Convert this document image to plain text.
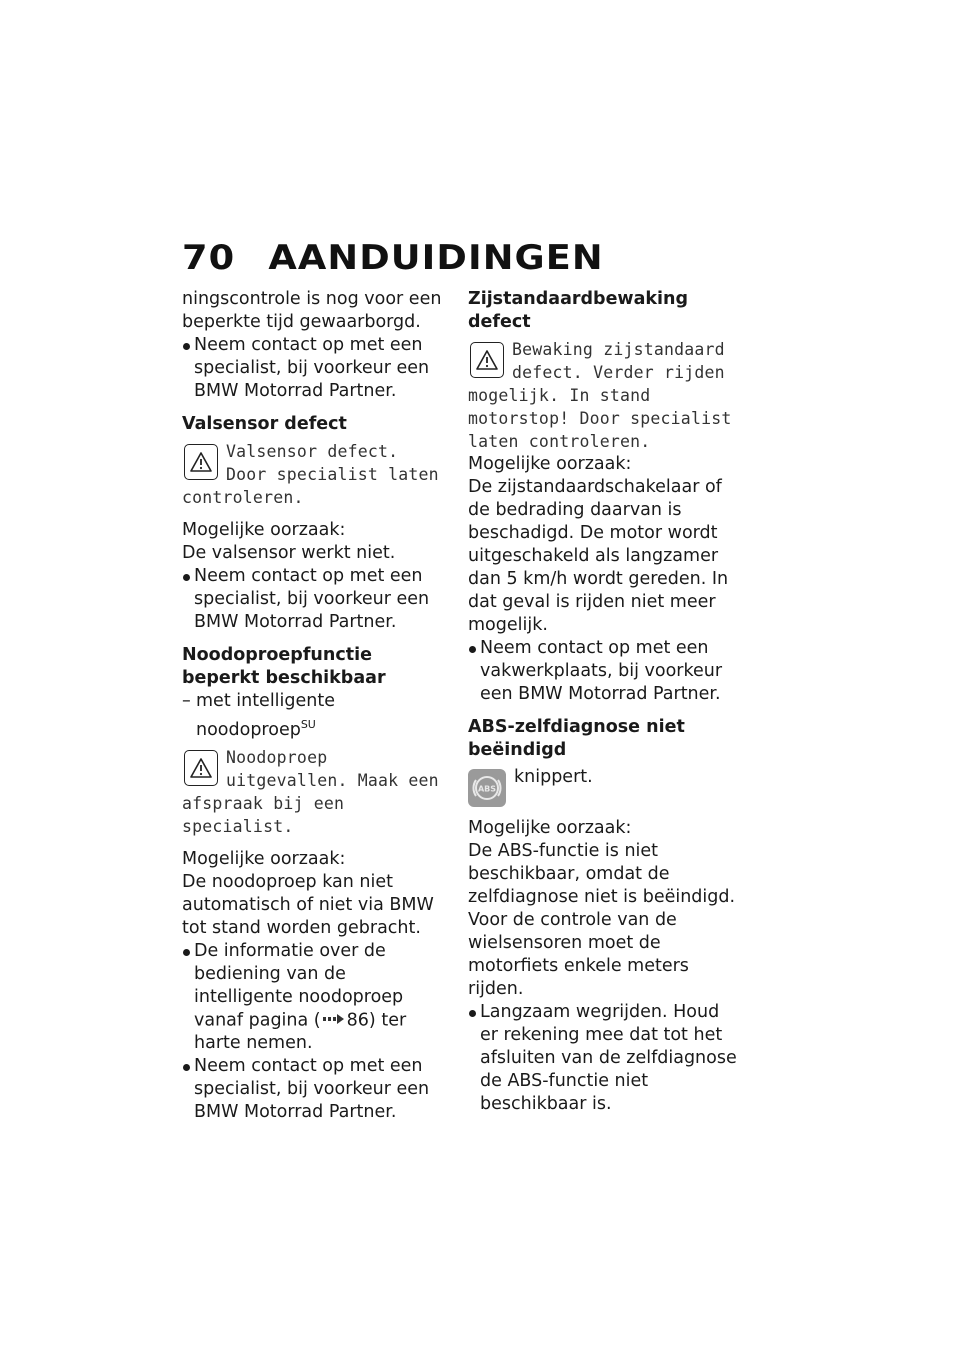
70 AANDUIDINGEN

ningscontrole is nog voor een beperkte tijd gewaarborgd.

Neem contact op met een specialist, bij voorkeur een BMW Motorrad Partner.

Valsensor defect

Valsensor defect. Door specialist laten controleren.

Mogelijke oorzaak:

De valsensor werkt niet.

Neem contact op met een specialist, bij voorkeur een BMW Motorrad Partner.

Noodoproepfunctie beperkt beschikbaar

– met intelligente noodoproep$^{SU}$

Noodoproep uitgevallen. Maak een afspraak bij een specialist.

Mogelijke oorzaak:

De noodoproep kan niet automatisch of niet via BMW tot stand worden gebracht.

De informatie over de bediening van de intelligente noodoproep vanaf pagina ( 86) ter harte nemen.

Neem contact op met een specialist, bij voorkeur een BMW Motorrad Partner.

Zijstandaardbewaking defect

Bewaking zijstandaard defect. Verder rijden mogelijk. In stand motorstop! Door specialist laten controleren.

Mogelijke oorzaak:

De zijstandaardschakelaar of de bedrading daarvan is beschadigd. De motor wordt uitgeschakeld als langzamer dan 5 km/h wordt gereden. In dat geval is rijden niet meer mogelijk.

Neem contact op met een vakwerkplaats, bij voorkeur een BMW Motorrad Partner.

ABS-zelfdiagnose niet beëindigd

ABS

knippert.

Mogelijke oorzaak:

De ABS-functie is niet beschikbaar, omdat de zelfdiagnose niet is beëindigd. Voor de controle van de wielsensoren moet de motorfiets enkele meters rijden.

Langzaam wegrijden. Houd er rekening mee dat tot het afsluiten van de zelfdiagnose de ABS-functie niet beschikbaar is.
